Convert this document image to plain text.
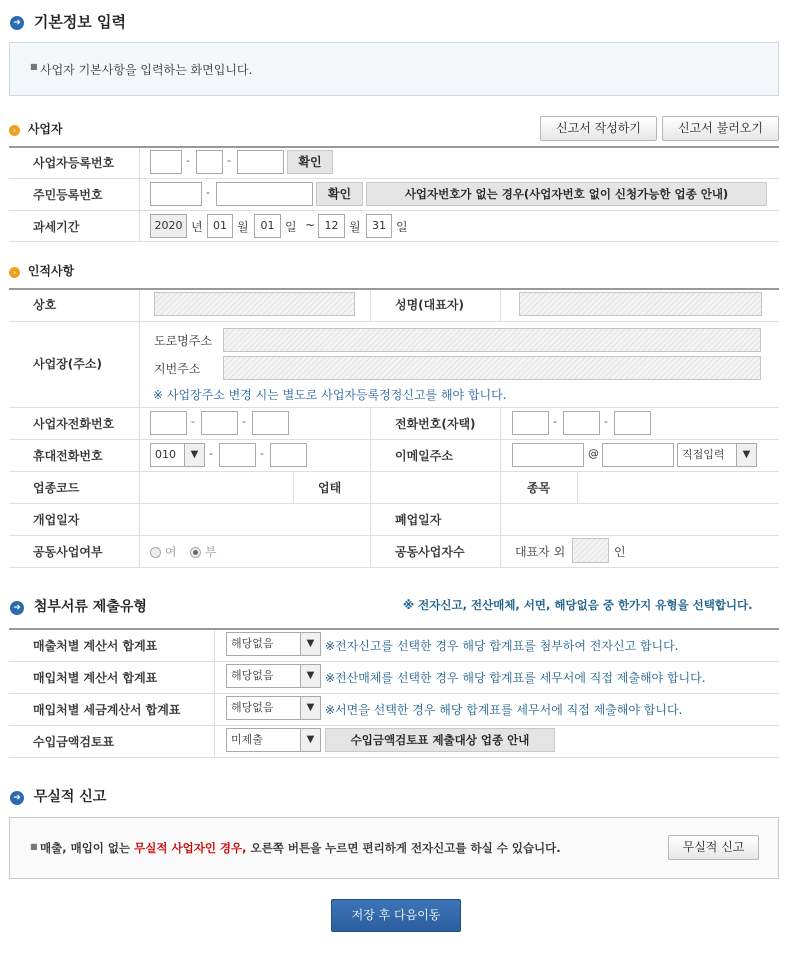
➜ 기본정보 입력
■ 사업자 기본사항을 입력하는 화면입니다.
› 사업자	신고서 작성하기	신고서 불러오기
사업자등록번호	-	-	확인
주민등록번호	-	확인	사업자번호가 없는 경우(사업자번호 없이 신청가능한 업종 안내)
과세기간	2020 년 01 월	01 일 ~ 12 월	31 일
› 인적사항
상호	성명(대표자)
사업장(주소)
도로명주소
지번주소
※ 사업장주소 변경 시는 별도로 사업자등록정정신고를 해야 합니다.
사업자전화번호	-	-	전화번호(자택)	-	-
휴대전화번호	010	▼ -	-	이메일주소	@	직접입력	▼
업종코드	업태	종목
개업일자	폐업일자
공동사업여부	여	부	공동사업자수	대표자 외	인
➜ 첨부서류 제출유형	※ 전자신고, 전산매체, 서면, 해당없음 중 한가지 유형을 선택합니다.
매출처별 계산서 합계표	해당없음	▼ ※전자신고를 선택한 경우 해당 합계표를 첨부하여 전자신고 합니다.
매입처별 계산서 합계표	해당없음	▼ ※전산매체를 선택한 경우 해당 합계표를 세무서에 직접 제출해야 합니다.
매입처별 세금계산서 합계표	해당없음	▼ ※서면을 선택한 경우 해당 합계표를 세무서에 직접 제출해야 합니다.
수입금액검토표	미제출	▼	수입금액검토표 제출대상 업종 안내
➜ 무실적 신고
■ 매출, 매입이 없는 무실적 사업자인 경우, 오른쪽 버튼을 누르면 편리하게 전자신고를 하실 수 있습니다.	무실적 신고
저장 후 다음이동
